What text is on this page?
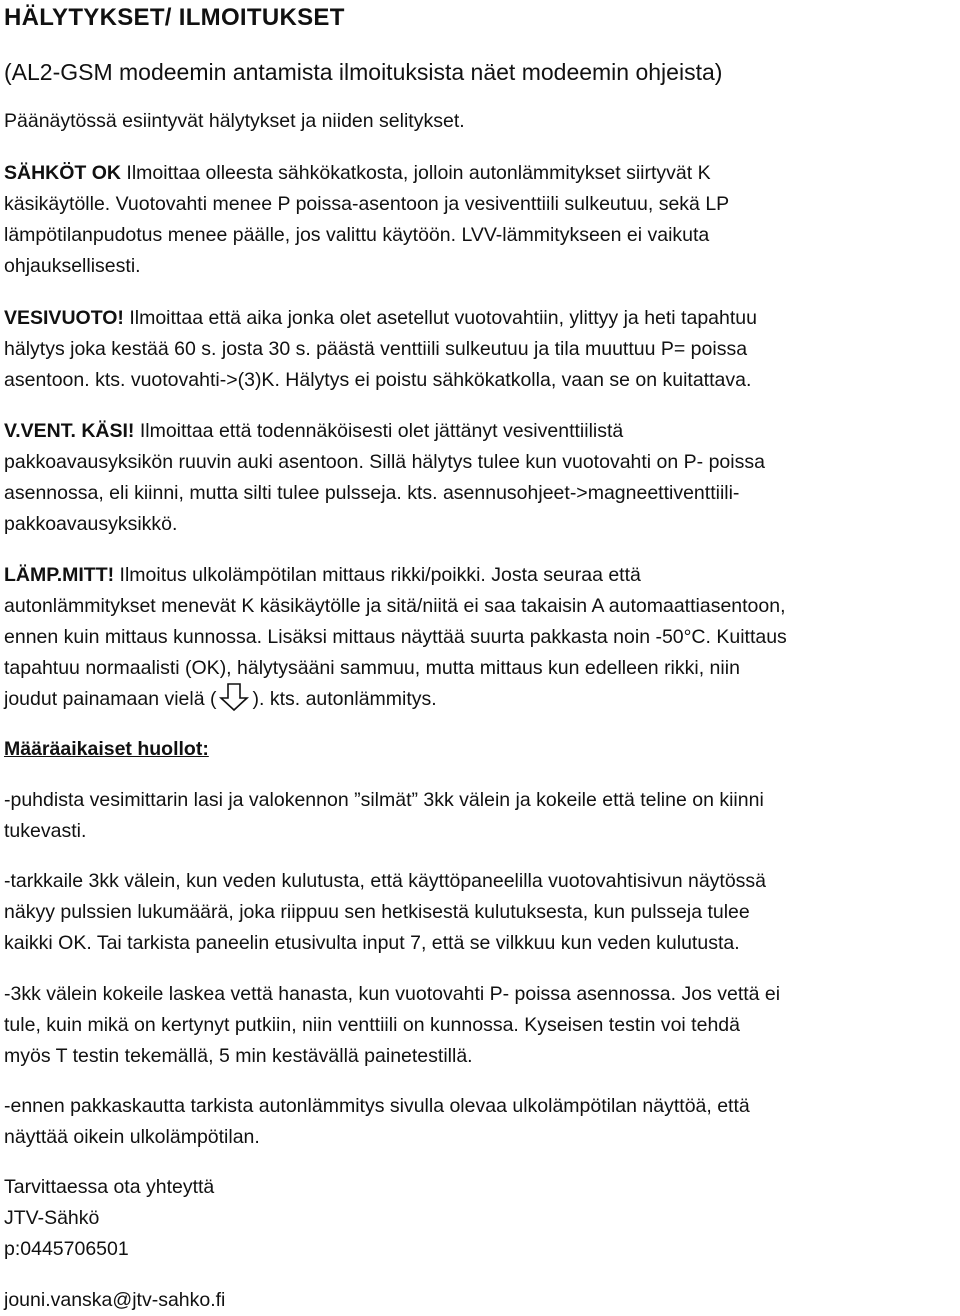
HÄLYTYKSET/ ILMOITUKSET

(AL2-GSM modeemin antamista ilmoituksista näet modeemin ohjeista)

Päänäytössä esiintyvät hälytykset ja niiden selitykset.

SÄHKÖT OK Ilmoittaa olleesta sähkökatkosta, jolloin autonlämmitykset siirtyvät K
käsikäytölle. Vuotovahti menee P poissa-asentoon ja vesiventtiili sulkeutuu, sekä LP
lämpötilanpudotus menee päälle, jos valittu käytöön. LVV-lämmitykseen ei vaikuta
ohjauksellisesti.
VESIVUOTO! Ilmoittaa että aika jonka olet asetellut vuotovahtiin, ylittyy ja heti tapahtuu
hälytys joka kestää 60 s. josta 30 s. päästä venttiili sulkeutuu ja tila muuttuu P= poissa
asentoon. kts. vuotovahti->(3)K. Hälytys ei poistu sähkökatkolla, vaan se on kuitattava.
V.VENT. KÄSI! Ilmoittaa että todennäköisesti olet jättänyt vesiventtiilistä
pakkoavausyksikön ruuvin auki asentoon. Sillä hälytys tulee kun vuotovahti on P- poissa
asennossa, eli kiinni, mutta silti tulee pulsseja. kts. asennusohjeet->magneettiventtiili-
pakkoavausyksikkö.
LÄMP.MITT! Ilmoitus ulkolämpötilan mittaus rikki/poikki. Josta seuraa että
autonlämmitykset menevät K käsikäytölle ja sitä/niitä ei saa takaisin A automaattiasentoon,
ennen kuin mittaus kunnossa. Lisäksi mittaus näyttää suurta pakkasta noin -50°C. Kuittaus
tapahtuu normaalisti (OK), hälytysääni sammuu, mutta mittaus kun edelleen rikki, niin
joudut painamaan vielä ( ). kts. autonlämmitys.

Määräaikaiset huollot:

-puhdista vesimittarin lasi ja valokennon ”silmät” 3kk välein ja kokeile että teline on kiinni
tukevasti.
-tarkkaile 3kk välein, kun veden kulutusta, että käyttöpaneelilla vuotovahtisivun näytössä
näkyy pulssien lukumäärä, joka riippuu sen hetkisestä kulutuksesta, kun pulsseja tulee
kaikki OK. Tai tarkista paneelin etusivulta input 7, että se vilkkuu kun veden kulutusta.
-3kk välein kokeile laskea vettä hanasta, kun vuotovahti P- poissa asennossa. Jos vettä ei
tule, kuin mikä on kertynyt putkiin, niin venttiili on kunnossa. Kyseisen testin voi tehdä
myös T testin tekemällä, 5 min kestävällä painetestillä.
-ennen pakkaskautta tarkista autonlämmitys sivulla olevaa ulkolämpötilan näyttöä, että
näyttää oikein ulkolämpötilan.
Tarvittaessa ota yhteyttä
JTV-Sähkö
p:0445706501
jouni.vanska@jtv-sahko.fi
